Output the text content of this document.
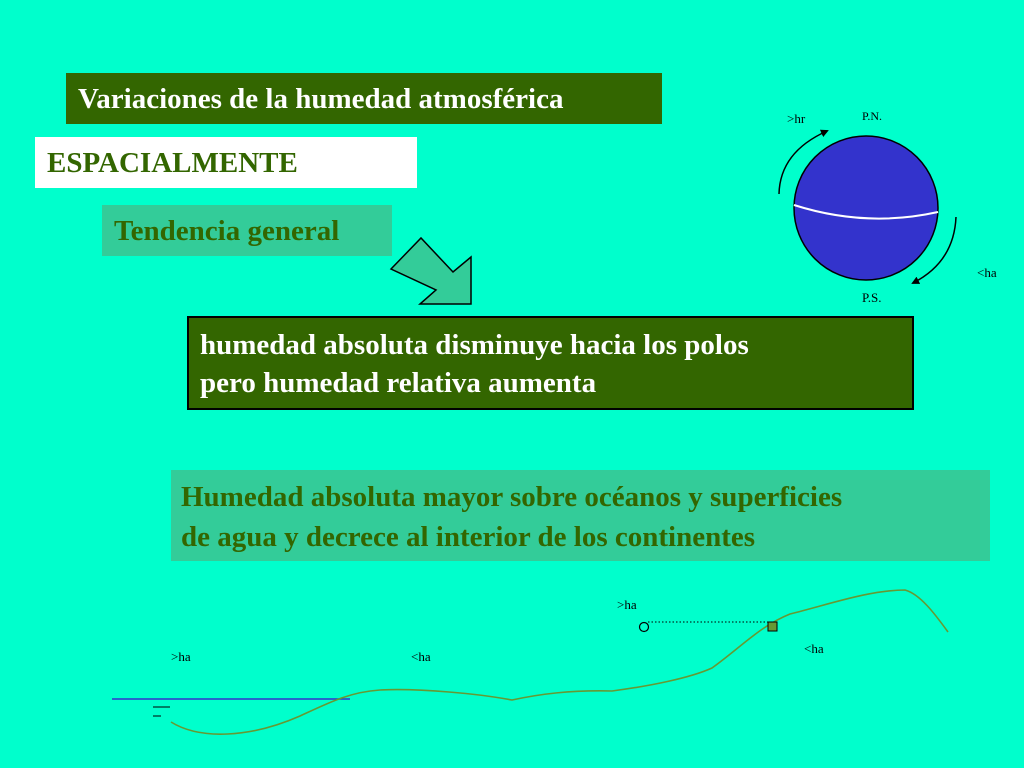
Variaciones de la humedad atmosférica
ESPACIALMENTE
Tendencia general
humedad absoluta disminuye hacia los polos
pero humedad relativa aumenta
Humedad absoluta mayor sobre océanos y superficies
de agua y decrece al interior de los continentes
>hr	P.N.
<ha
P.S.
>ha	<ha
>ha
<ha
